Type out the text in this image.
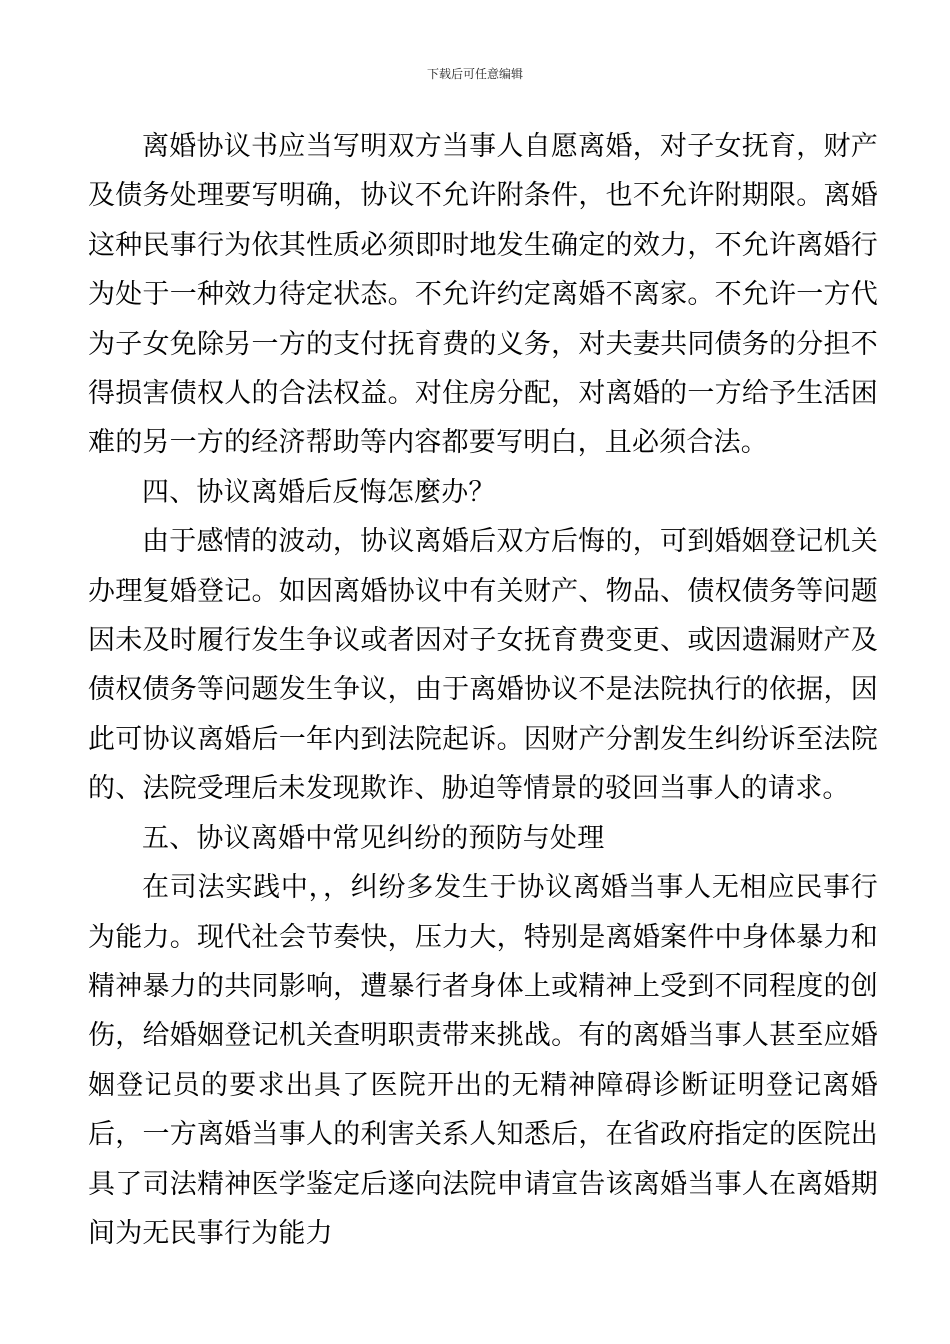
下载后可任意编辑

离婚协议书应当写明双方当事人自愿离婚，对子女抚育，财产及债务处理要写明确，协议不允许附条件，也不允许附期限。离婚这种民事行为依其性质必须即时地发生确定的效力，不允许离婚行为处于一种效力待定状态。不允许约定离婚不离家。不允许一方代为子女免除另一方的支付抚育费的义务，对夫妻共同债务的分担不得损害债权人的合法权益。对住房分配，对离婚的一方给予生活困难的另一方的经济帮助等内容都要写明白，且必须合法。

四、协议离婚后反悔怎麼办？

由于感情的波动，协议离婚后双方后悔的，可到婚姻登记机关办理复婚登记。如因离婚协议中有关财产、物品、债权债务等问题因未及时履行发生争议或者因对子女抚育费变更、或因遗漏财产及债权债务等问题发生争议，由于离婚协议不是法院执行的依据，因此可协议离婚后一年内到法院起诉。因财产分割发生纠纷诉至法院的、法院受理后未发现欺诈、胁迫等情景的驳回当事人的请求。

五、协议离婚中常见纠纷的预防与处理

在司法实践中，，纠纷多发生于协议离婚当事人无相应民事行为能力。现代社会节奏快，压力大，特别是离婚案件中身体暴力和精神暴力的共同影响，遭暴行者身体上或精神上受到不同程度的创伤，给婚姻登记机关查明职责带来挑战。有的离婚当事人甚至应婚姻登记员的要求出具了医院开出的无精神障碍诊断证明登记离婚后，一方离婚当事人的利害关系人知悉后，在省政府指定的医院出具了司法精神医学鉴定后遂向法院申请宣告该离婚当事人在离婚期间为无民事行为能力
